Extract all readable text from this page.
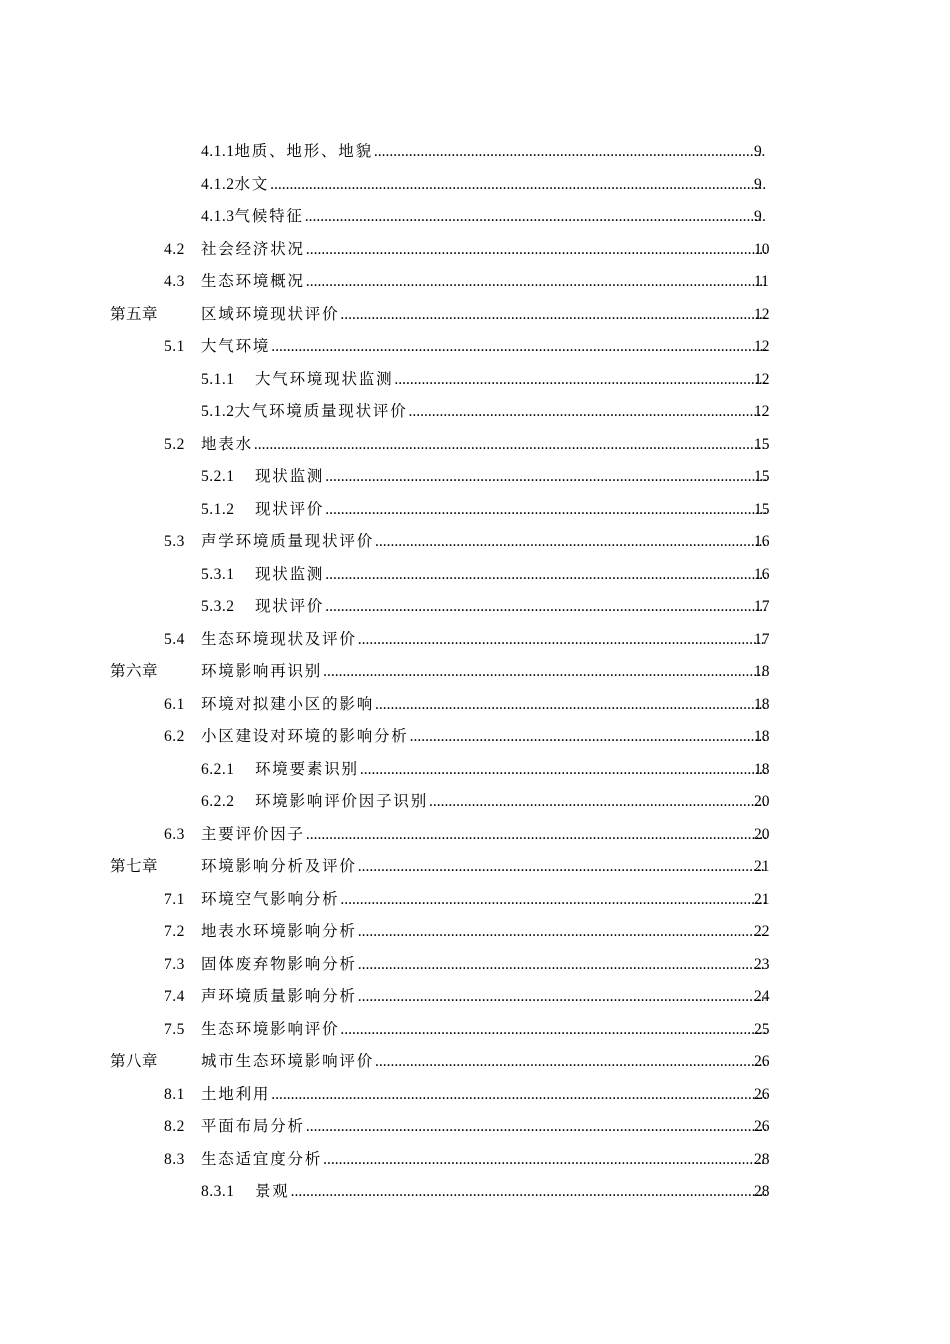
4.1.1 地质、地形、地貌 .....	9
4.1.2 水文 .....	9
4.1.3 气候特征 .....	9
4.2	社会经济状况 .....	10
4.3	生态环境概况 .....	11
第五章	区域环境现状评价 .....	12
5.1	大气环境 .....	12
5.1.1	大气环境现状监测 .....	12
5.1.2 大气环境质量现状评价 .....	12
5.2	地表水 .....	15
5.2.1	现状监测 .....	15
5.1.2	现状评价 .....	15
5.3	声学环境质量现状评价 .....	16
5.3.1	现状监测 .....	16
5.3.2	现状评价 .....	17
5.4	生态环境现状及评价 .....	17
第六章	环境影响再识别 .....	18
6.1	环境对拟建小区的影响 .....	18
6.2	小区建设对环境的影响分析 .....	18
6.2.1	环境要素识别 .....	18
6.2.2	环境影响评价因子识别 .....	20
6.3	主要评价因子 .....	20
第七章	环境影响分析及评价 .....	21
7.1	环境空气影响分析 .....	21
7.2	地表水环境影响分析 .....	22
7.3	固体废弃物影响分析 .....	23
7.4	声环境质量影响分析 .....	24
7.5	生态环境影响评价 .....	25
第八章	城市生态环境影响评价 .....	26
8.1	土地利用 .....	26
8.2	平面布局分析 .....	26
8.3	生态适宜度分析 .....	28
8.3.1	景观 .....	28
